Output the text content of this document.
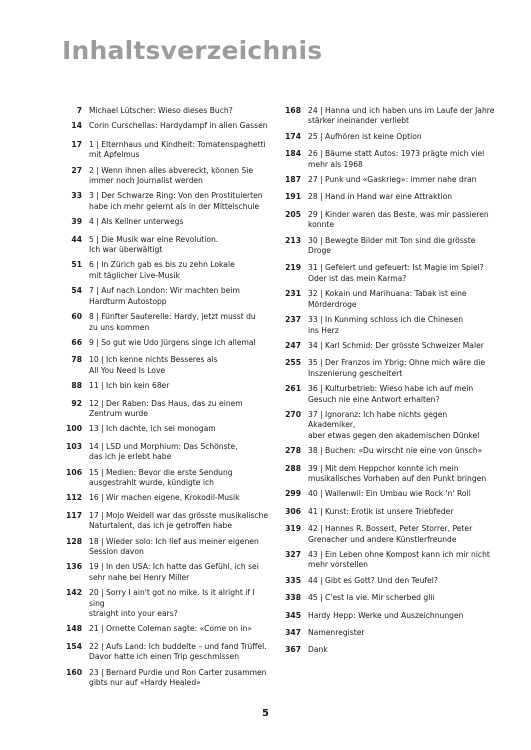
Inhaltsverzeichnis
7 Michael Lütscher: Wieso dieses Buch?
14 Corin Curschellas: Hardydampf in allen Gassen
17 1 | Elternhaus und Kindheit: Tomatenspaghetti
mit Apfelmus
27 2 | Wenn ihnen alles abvereckt, können Sie
immer noch Journalist werden
33 3 | Der Schwarze Ring: Von den Prostituierten
habe ich mehr gelernt als in der Mittelschule
39 4 | Als Kellner unterwegs
44 5 | Die Musik war eine Revolution.
Ich war überwältigt
51 6 | In Zürich gab es bis zu zehn Lokale
mit täglicher Live-Musik
54 7 | Auf nach London: Wir machten beim
Hardturm Autostopp
60 8 | Fünfter Sauterelle: Hardy, jetzt musst du
zu uns kommen
66 9 | So gut wie Udo Jürgens singe ich allemal
78 10 | Ich kenne nichts Besseres als
All You Need Is Love
88 11 | Ich bin kein 68er
92 12 | Der Raben: Das Haus, das zu einem
Zentrum wurde
100 13 | Ich dachte, ich sei monogam
103 14 | LSD und Morphium: Das Schönste,
das ich je erlebt habe
106 15 | Medien: Bevor die erste Sendung
ausgestrahlt wurde, kündigte ich
112 16 | Wir machen eigene, Krokodil-Musik
117 17 | Mojo Weidell war das grösste musikalische
Naturtalent, das ich je getroffen habe
128 18 | Wieder solo: Ich lief aus meiner eigenen
Session davon
136 19 | In den USA: Ich hatte das Gefühl, ich sei
sehr nahe bei Henry Miller
142 20 | Sorry I ain't got no mike. Is it alright if I sing
straight into your ears?
148 21 | Ornette Coleman sagte: «Come on in»
154 22 | Aufs Land: Ich buddelte – und fand Trüffel.
Davor hatte ich einen Trip geschmissen
160 23 | Bernard Purdie und Ron Carter zusammen
gibts nur auf «Hardy Healed»
168 24 | Hanna und ich haben uns im Laufe der Jahre
stärker ineinander verliebt
174 25 | Aufhören ist keine Option
184 26 | Bäume statt Autos: 1973 prägte mich viel
mehr als 1968
187 27 | Punk und «Gaskrieg»: immer nahe dran
191 28 | Hand in Hand war eine Attraktion
205 29 | Kinder waren das Beste, was mir passieren
konnte
213 30 | Bewegte Bilder mit Ton sind die grösste Droge
219 31 | Gefeiert und gefeuert: Ist Magie im Spiel?
Oder ist das mein Karma?
231 32 | Kokain und Marihuana: Tabak ist eine
Mörderdroge
237 33 | In Kunming schloss ich die Chinesen
ins Herz
247 34 | Karl Schmid: Der grösste Schweizer Maler
255 35 | Der Franzos im Ybrig: Ohne mich wäre die
Inszenierung gescheitert
261 36 | Kulturbetrieb: Wieso habe ich auf mein
Gesuch nie eine Antwort erhalten?
270 37 | Ignoranz: Ich habe nichts gegen Akademiker,
aber etwas gegen den akademischen Dünkel
278 38 | Buchen: «Du wirscht nie eine von ünsch»
288 39 | Mit dem Heppchor konnte ich mein
musikalisches Vorhaben auf den Punkt bringen
299 40 | Wallenwil: Ein Umbau wie Rock 'n' Roll
306 41 | Kunst: Erotik ist unsere Triebfeder
319 42 | Hannes R. Bossert, Peter Storrer, Peter
Grenacher und andere Künstlerfreunde
327 43 | Ein Leben ohne Kompost kann ich mir nicht
mehr vorstellen
335 44 | Gibt es Gott? Und den Teufel?
338 45 | C'est la vie. Mir scherbed glii
345 Hardy Hepp: Werke und Auszeichnungen
347 Namenregister
367 Dank
5
